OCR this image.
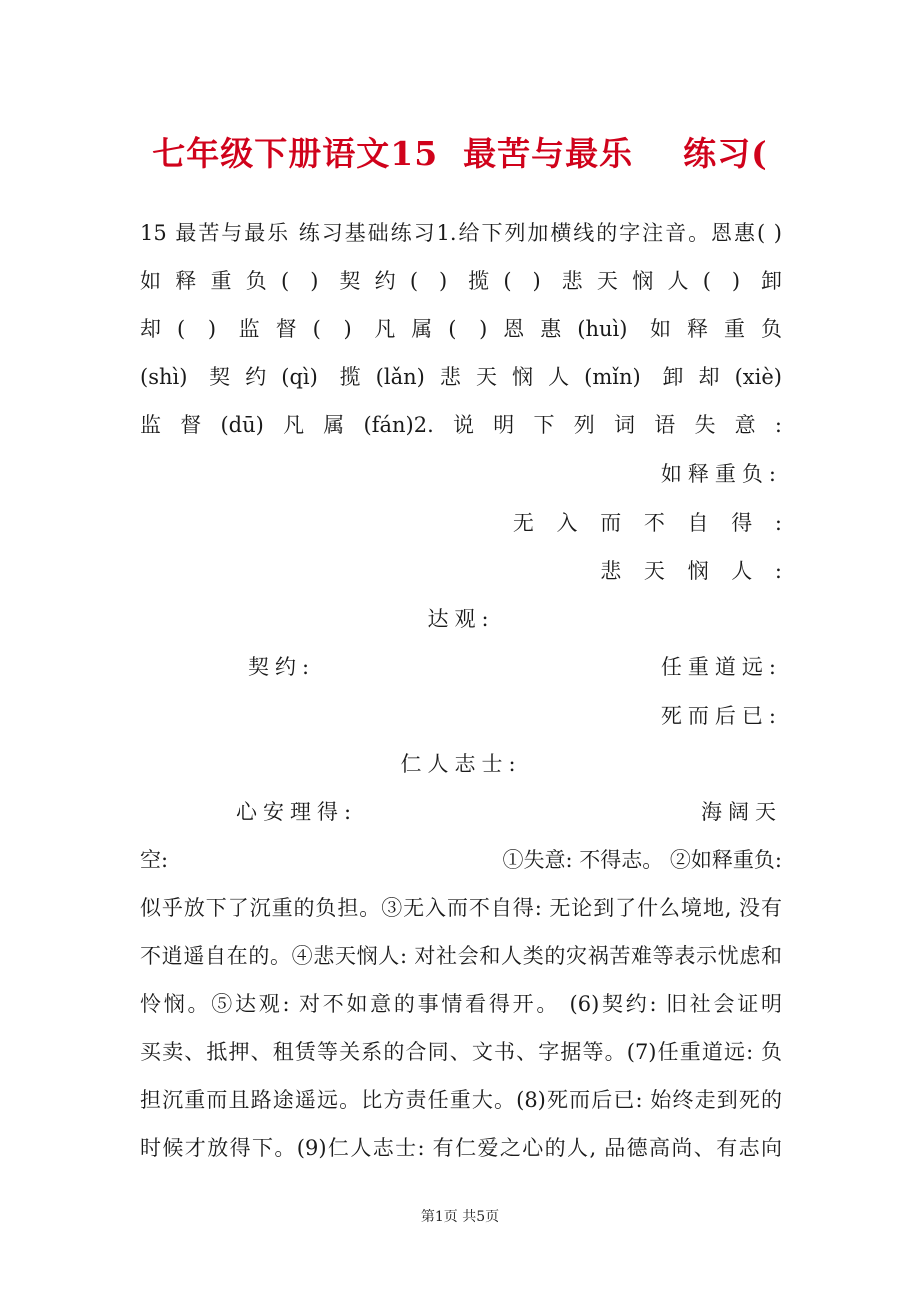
七年级下册语文15  最苦与最乐    练习(
15 最苦与最乐 练习基础练习1.给下列加横线的字注音。恩惠( )
如释重负( ) 契约( ) 揽( ) 悲天悯人( ) 卸
却( ) 监督( ) 凡属( )恩惠(huì) 如释重负
(shì) 契约(qì) 揽(lǎn)悲天悯人(mǐn) 卸却(xiè)
监督(dū)凡属(fán)2.说明下列词语失意:
如释重负:
无 入 而 不 自 得 :
悲 天 悯 人 :
达观:
契约:	任重道远:
死而后已:
仁人志士:
心安理得:	海阔天
空:	①失意: 不得志。 ②如释重负:
似乎放下了沉重的负担。③无入而不自得: 无论到了什么境地, 没有
不逍遥自在的。④悲天悯人: 对社会和人类的灾祸苦难等表示忧虑和
怜悯。⑤达观: 对不如意的事情看得开。 (6)契约: 旧社会证明
买卖、抵押、租赁等关系的合同、文书、字据等。(7)任重道远: 负
担沉重而且路途遥远。比方责任重大。(8)死而后已: 始终走到死的
时候才放得下。(9)仁人志士: 有仁爱之心的人, 品德高尚、有志向
第1页 共5页
